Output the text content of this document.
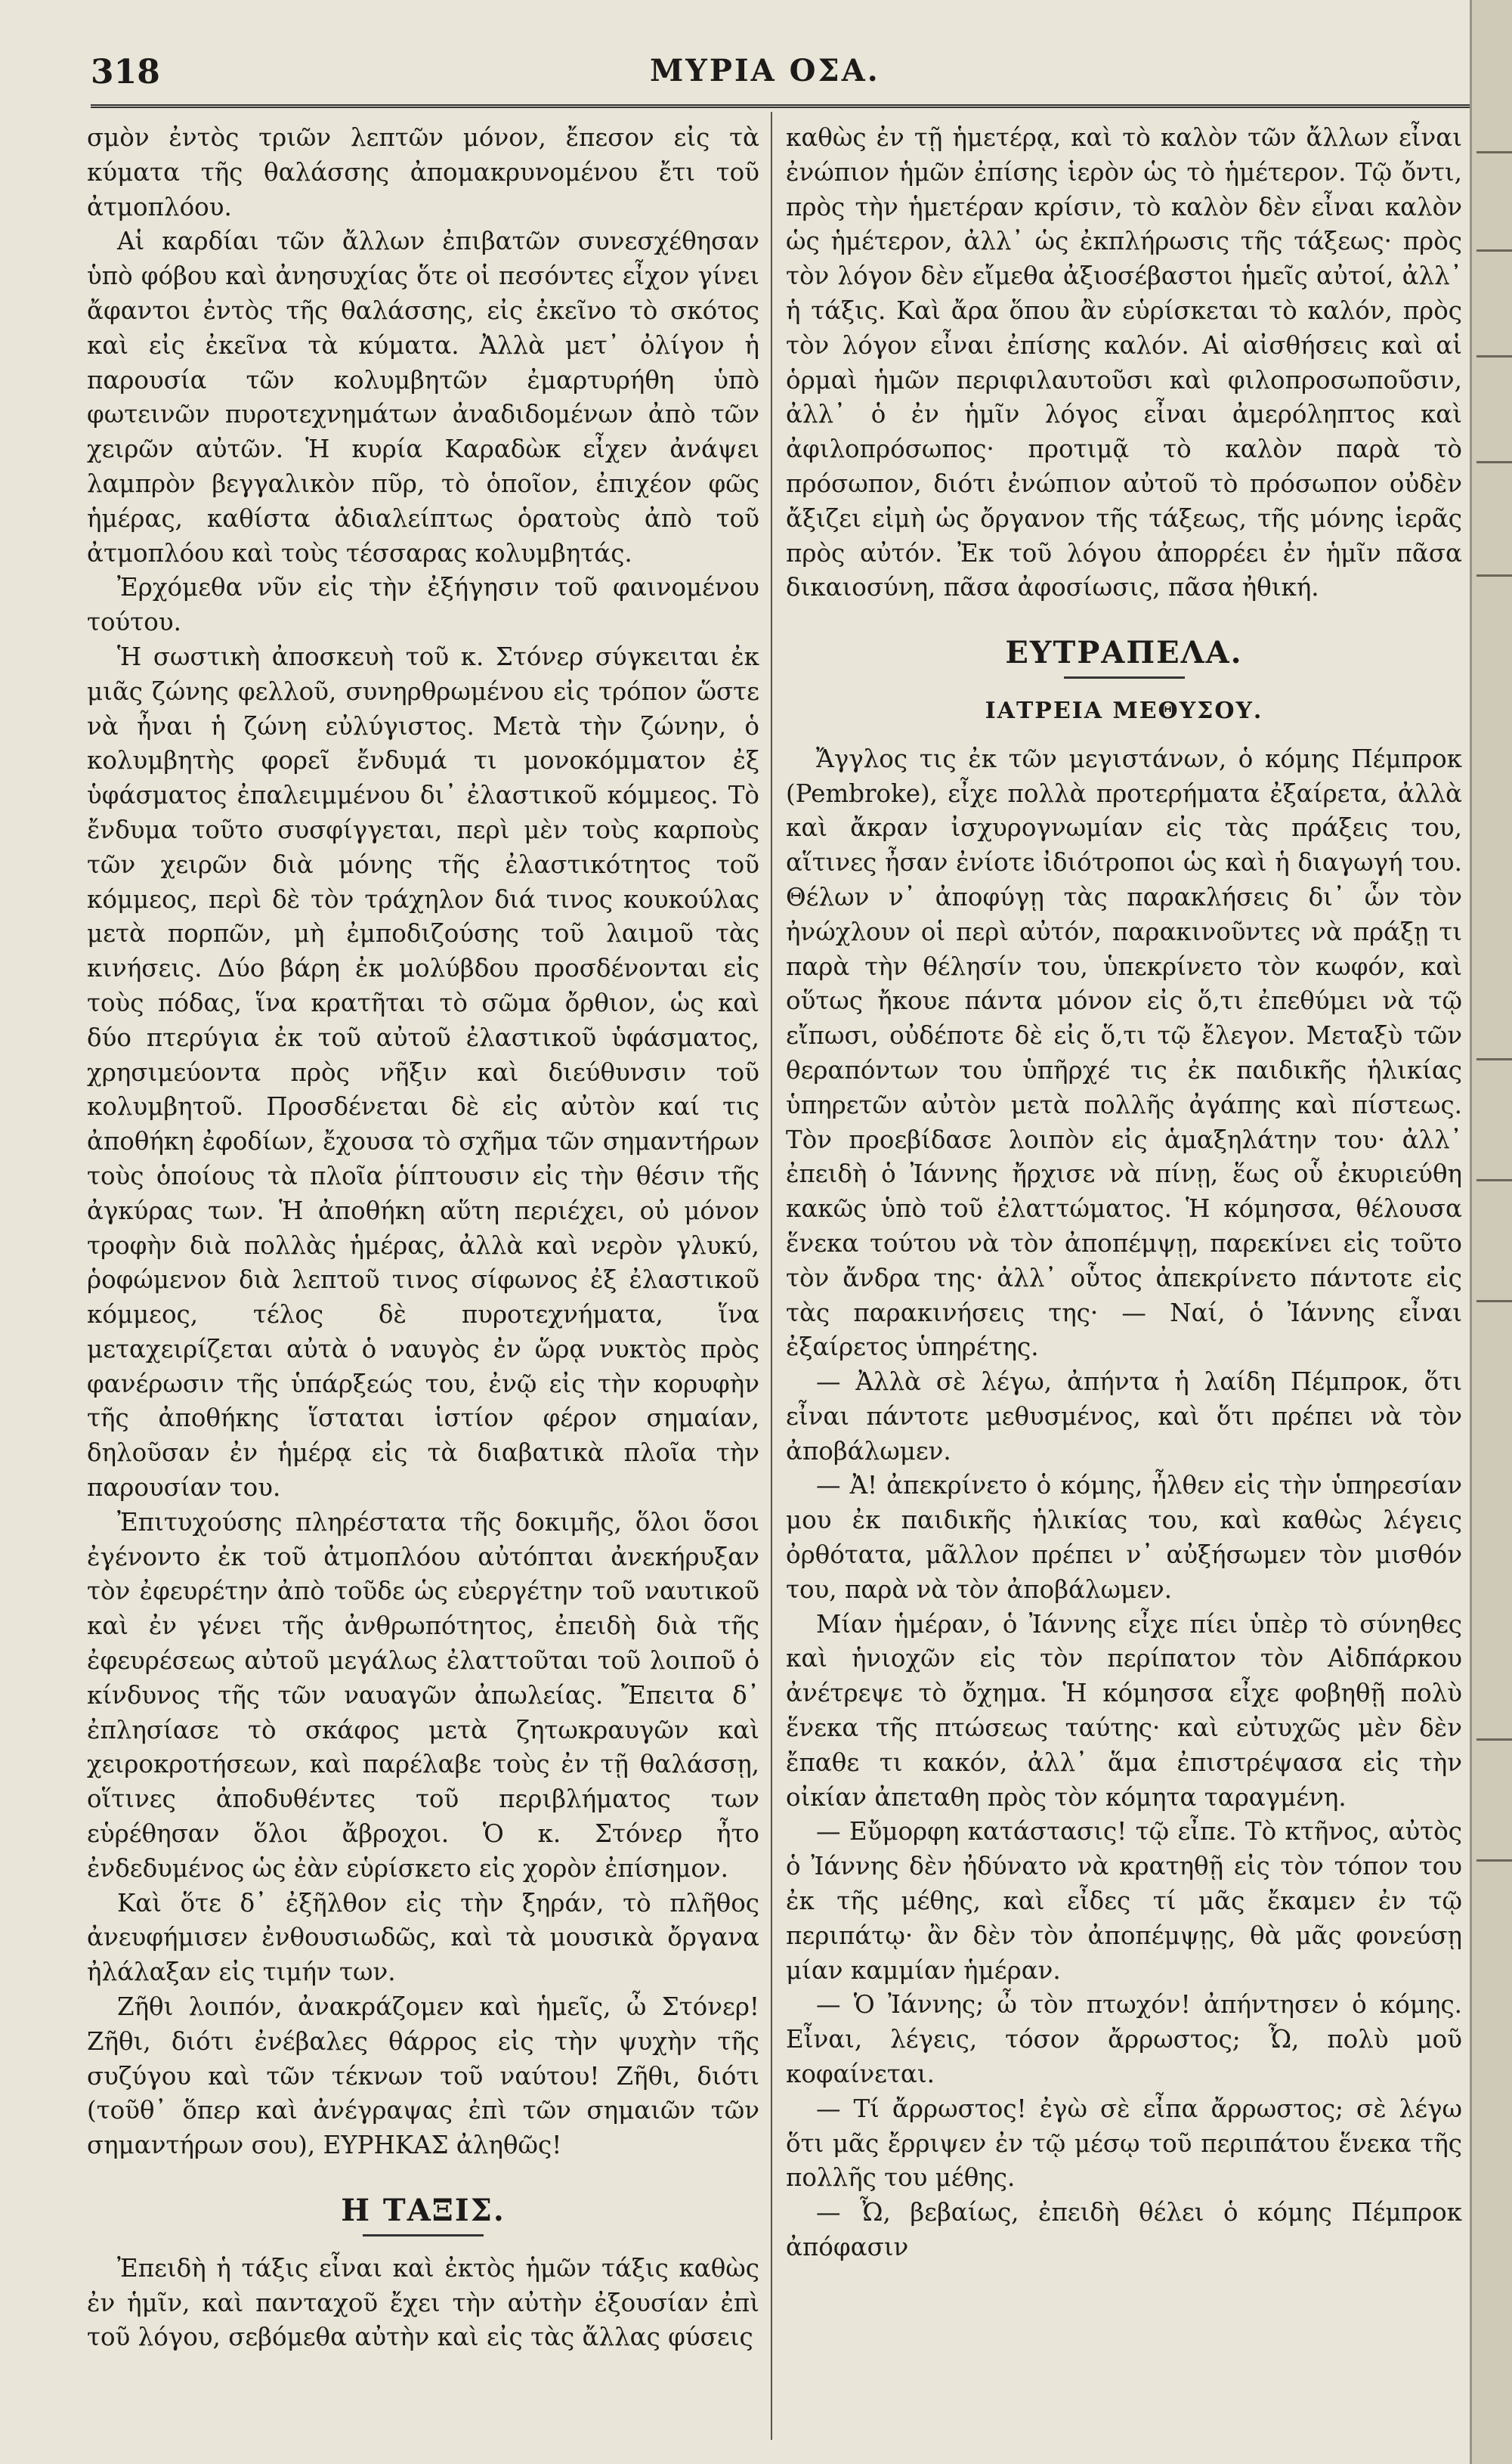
318	ΜΥΡΙΑ ΟΣΑ.

σμὸν ἐντὸς τριῶν λεπτῶν μόνον, ἔπεσον εἰς τὰ κύματα τῆς θαλάσσης ἀπομακρυνομένου ἔτι τοῦ ἀτμοπλόου.

Αἱ καρδίαι τῶν ἄλλων ἐπιβατῶν συνεσχέθησαν ὑπὸ φόβου καὶ ἀνησυχίας ὅτε οἱ πεσόντες εἶχον γίνει ἄφαντοι ἐντὸς τῆς θαλάσσης, εἰς ἐκεῖνο τὸ σκότος καὶ εἰς ἐκεῖνα τὰ κύματα. Ἀλλὰ μετ᾽ ὀλίγον ἡ παρουσία τῶν κολυμβητῶν ἐμαρτυρήθη ὑπὸ φωτεινῶν πυροτεχνημάτων ἀναδιδομένων ἀπὸ τῶν χειρῶν αὐτῶν. Ἡ κυρία Καραδὼκ εἶχεν ἀνάψει λαμπρὸν βεγγαλικὸν πῦρ, τὸ ὁποῖον, ἐπιχέον φῶς ἡμέρας, καθίστα ἀδιαλείπτως ὁρατοὺς ἀπὸ τοῦ ἀτμοπλόου καὶ τοὺς τέσσαρας κολυμβητάς.

Ἐρχόμεθα νῦν εἰς τὴν ἐξήγησιν τοῦ φαινομένου τούτου.

Ἡ σωστικὴ ἀποσκευὴ τοῦ κ. Στόνερ σύγκειται ἐκ μιᾶς ζώνης φελλοῦ, συνηρθρωμένου εἰς τρόπον ὥστε νὰ ἦναι ἡ ζώνη εὐλύγιστος. Μετὰ τὴν ζώνην, ὁ κολυμβητὴς φορεῖ ἔνδυμά τι μονοκόμματον ἐξ ὑφάσματος ἐπαλειμμένου δι᾽ ἐλαστικοῦ κόμμεος. Τὸ ἔνδυμα τοῦτο συσφίγγεται, περὶ μὲν τοὺς καρποὺς τῶν χειρῶν διὰ μόνης τῆς ἐλαστικότητος τοῦ κόμμεος, περὶ δὲ τὸν τράχηλον διά τινος κουκούλας μετὰ πορπῶν, μὴ ἐμποδιζούσης τοῦ λαιμοῦ τὰς κινήσεις. Δύο βάρη ἐκ μολύβδου προσδένονται εἰς τοὺς πόδας, ἵνα κρατῆται τὸ σῶμα ὄρθιον, ὡς καὶ δύο πτερύγια ἐκ τοῦ αὐτοῦ ἐλαστικοῦ ὑφάσματος, χρησιμεύοντα πρὸς νῆξιν καὶ διεύθυνσιν τοῦ κολυμβητοῦ. Προσδένεται δὲ εἰς αὐτὸν καί τις ἀποθήκη ἐφοδίων, ἔχουσα τὸ σχῆμα τῶν σημαντήρων τοὺς ὁποίους τὰ πλοῖα ῥίπτουσιν εἰς τὴν θέσιν τῆς ἀγκύρας των. Ἡ ἀποθήκη αὕτη περιέχει, οὐ μόνον τροφὴν διὰ πολλὰς ἡμέρας, ἀλλὰ καὶ νερὸν γλυκύ, ῥοφώμενον διὰ λεπτοῦ τινος σίφωνος ἐξ ἐλαστικοῦ κόμμεος, τέλος δὲ πυροτεχνήματα, ἵνα μεταχειρίζεται αὐτὰ ὁ ναυγὸς ἐν ὥρᾳ νυκτὸς πρὸς φανέρωσιν τῆς ὑπάρξεώς του, ἐνῷ εἰς τὴν κορυφὴν τῆς ἀποθήκης ἵσταται ἱστίον φέρον σημαίαν, δηλοῦσαν ἐν ἡμέρᾳ εἰς τὰ διαβατικὰ πλοῖα τὴν παρουσίαν του.

Ἐπιτυχούσης πληρέστατα τῆς δοκιμῆς, ὅλοι ὅσοι ἐγένοντο ἐκ τοῦ ἀτμοπλόου αὐτόπται ἀνεκήρυξαν τὸν ἐφευρέτην ἀπὸ τοῦδε ὡς εὐεργέτην τοῦ ναυτικοῦ καὶ ἐν γένει τῆς ἀνθρωπότητος, ἐπειδὴ διὰ τῆς ἐφευρέσεως αὐτοῦ μεγάλως ἐλαττοῦται τοῦ λοιποῦ ὁ κίνδυνος τῆς τῶν ναυαγῶν ἀπωλείας. Ἔπειτα δ᾽ ἐπλησίασε τὸ σκάφος μετὰ ζητωκραυγῶν καὶ χειροκροτήσεων, καὶ παρέλαβε τοὺς ἐν τῇ θαλάσσῃ, οἵτινες ἀποδυθέντες τοῦ περιβλήματος των εὑρέθησαν ὅλοι ἄβροχοι. Ὁ κ. Στόνερ ἦτο ἐνδεδυμένος ὡς ἐὰν εὑρίσκετο εἰς χορὸν ἐπίσημον.

Καὶ ὅτε δ᾽ ἐξῆλθον εἰς τὴν ξηράν, τὸ πλῆθος ἀνευφήμισεν ἐνθουσιωδῶς, καὶ τὰ μουσικὰ ὄργανα ἠλάλαξαν εἰς τιμήν των.

Ζῆθι λοιπόν, ἀνακράζομεν καὶ ἡμεῖς, ὦ Στόνερ! Ζῆθι, διότι ἐνέβαλες θάρρος εἰς τὴν ψυχὴν τῆς συζύγου καὶ τῶν τέκνων τοῦ ναύτου! Ζῆθι, διότι (τοῦθ᾽ ὅπερ καὶ ἀνέγραψας ἐπὶ τῶν σημαιῶν τῶν σημαντήρων σου), ΕΥΡΗΚΑΣ ἀληθῶς!

Η ΤΑΞΙΣ.

Ἐπειδὴ ἡ τάξις εἶναι καὶ ἐκτὸς ἡμῶν τάξις καθὼς ἐν ἡμῖν, καὶ πανταχοῦ ἔχει τὴν αὐτὴν ἐξουσίαν ἐπὶ τοῦ λόγου, σεβόμεθα αὐτὴν καὶ εἰς τὰς ἄλλας φύσεις

καθὼς ἐν τῇ ἡμετέρᾳ, καὶ τὸ καλὸν τῶν ἄλλων εἶναι ἐνώπιον ἡμῶν ἐπίσης ἱερὸν ὡς τὸ ἡμέτερον. Τῷ ὄντι, πρὸς τὴν ἡμετέραν κρίσιν, τὸ καλὸν δὲν εἶναι καλὸν ὡς ἡμέτερον, ἀλλ᾽ ὡς ἐκπλήρωσις τῆς τάξεως· πρὸς τὸν λόγον δὲν εἴμεθα ἀξιοσέβαστοι ἡμεῖς αὐτοί, ἀλλ᾽ ἡ τάξις. Καὶ ἄρα ὅπου ἂν εὑρίσκεται τὸ καλόν, πρὸς τὸν λόγον εἶναι ἐπίσης καλόν. Αἱ αἰσθήσεις καὶ αἱ ὁρμαὶ ἡμῶν περιφιλαυτοῦσι καὶ φιλοπροσωποῦσιν, ἀλλ᾽ ὁ ἐν ἡμῖν λόγος εἶναι ἀμερόληπτος καὶ ἀφιλοπρόσωπος· προτιμᾷ τὸ καλὸν παρὰ τὸ πρόσωπον, διότι ἐνώπιον αὐτοῦ τὸ πρόσωπον οὐδὲν ἄξιζει εἰμὴ ὡς ὄργανον τῆς τάξεως, τῆς μόνης ἱερᾶς πρὸς αὐτόν. Ἐκ τοῦ λόγου ἀπορρέει ἐν ἡμῖν πᾶσα δικαιοσύνη, πᾶσα ἀφοσίωσις, πᾶσα ἠθική.

ΕΥΤΡΑΠΕΛΑ.
ΙΑΤΡΕΙΑ ΜΕΘΥΣΟΥ.

Ἄγγλος τις ἐκ τῶν μεγιστάνων, ὁ κόμης Πέμπροκ (Pembroke), εἶχε πολλὰ προτερήματα ἐξαίρετα, ἀλλὰ καὶ ἄκραν ἰσχυρογνωμίαν εἰς τὰς πράξεις του, αἵτινες ἦσαν ἐνίοτε ἰδιότροποι ὡς καὶ ἡ διαγωγή του. Θέλων ν᾽ ἀποφύγῃ τὰς παρακλήσεις δι᾽ ὧν τὸν ἠνώχλουν οἱ περὶ αὐτόν, παρακινοῦντες νὰ πράξῃ τι παρὰ τὴν θέλησίν του, ὑπεκρίνετο τὸν κωφόν, καὶ οὕτως ἤκουε πάντα μόνον εἰς ὅ,τι ἐπεθύμει νὰ τῷ εἴπωσι, οὐδέποτε δὲ εἰς ὅ,τι τῷ ἔλεγον. Μεταξὺ τῶν θεραπόντων του ὑπῆρχέ τις ἐκ παιδικῆς ἡλικίας ὑπηρετῶν αὐτὸν μετὰ πολλῆς ἀγάπης καὶ πίστεως. Τὸν προεβίδασε λοιπὸν εἰς ἁμαξηλάτην του· ἀλλ᾽ ἐπειδὴ ὁ Ἰάννης ἤρχισε νὰ πίνῃ, ἕως οὗ ἐκυριεύθη κακῶς ὑπὸ τοῦ ἐλαττώματος. Ἡ κόμησσα, θέλουσα ἕνεκα τούτου νὰ τὸν ἀποπέμψῃ, παρεκίνει εἰς τοῦτο τὸν ἄνδρα της· ἀλλ᾽ οὗτος ἀπεκρίνετο πάντοτε εἰς τὰς παρακινήσεις της· — Ναί, ὁ Ἰάννης εἶναι ἐξαίρετος ὑπηρέτης.

— Ἀλλὰ σὲ λέγω, ἀπήντα ἡ λαίδη Πέμπροκ, ὅτι εἶναι πάντοτε μεθυσμένος, καὶ ὅτι πρέπει νὰ τὸν ἀποβάλωμεν.

— Ἀ! ἀπεκρίνετο ὁ κόμης, ἦλθεν εἰς τὴν ὑπηρεσίαν μου ἐκ παιδικῆς ἡλικίας του, καὶ καθὼς λέγεις ὀρθότατα, μᾶλλον πρέπει ν᾽ αὐξήσωμεν τὸν μισθόν του, παρὰ νὰ τὸν ἀποβάλωμεν.

Μίαν ἡμέραν, ὁ Ἰάννης εἶχε πίει ὑπὲρ τὸ σύνηθες καὶ ἡνιοχῶν εἰς τὸν περίπατον τὸν Αἰδπάρκου ἀνέτρεψε τὸ ὄχημα. Ἡ κόμησσα εἶχε φοβηθῇ πολὺ ἕνεκα τῆς πτώσεως ταύτης· καὶ εὐτυχῶς μὲν δὲν ἔπαθε τι κακόν, ἀλλ᾽ ἅμα ἐπιστρέψασα εἰς τὴν οἰκίαν ἀπεταθη πρὸς τὸν κόμητα ταραγμένη.

— Εὔμορφη κατάστασις! τῷ εἶπε. Τὸ κτῆνος, αὐτὸς ὁ Ἰάννης δὲν ἠδύνατο νὰ κρατηθῇ εἰς τὸν τόπον του ἐκ τῆς μέθης, καὶ εἶδες τί μᾶς ἔκαμεν ἐν τῷ περιπάτῳ· ἂν δὲν τὸν ἀποπέμψῃς, θὰ μᾶς φονεύσῃ μίαν καμμίαν ἡμέραν.

— Ὁ Ἰάννης; ὦ τὸν πτωχόν! ἀπήντησεν ὁ κόμης. Εἶναι, λέγεις, τόσον ἄρρωστος; Ὦ, πολὺ μοῦ κοφαίνεται.

— Τί ἄρρωστος! ἐγὼ σὲ εἶπα ἄρρωστος; σὲ λέγω ὅτι μᾶς ἔρριψεν ἐν τῷ μέσῳ τοῦ περιπάτου ἕνεκα τῆς πολλῆς του μέθης.

— Ὦ, βεβαίως, ἐπειδὴ θέλει ὁ κόμης Πέμπροκ ἀπόφασιν
